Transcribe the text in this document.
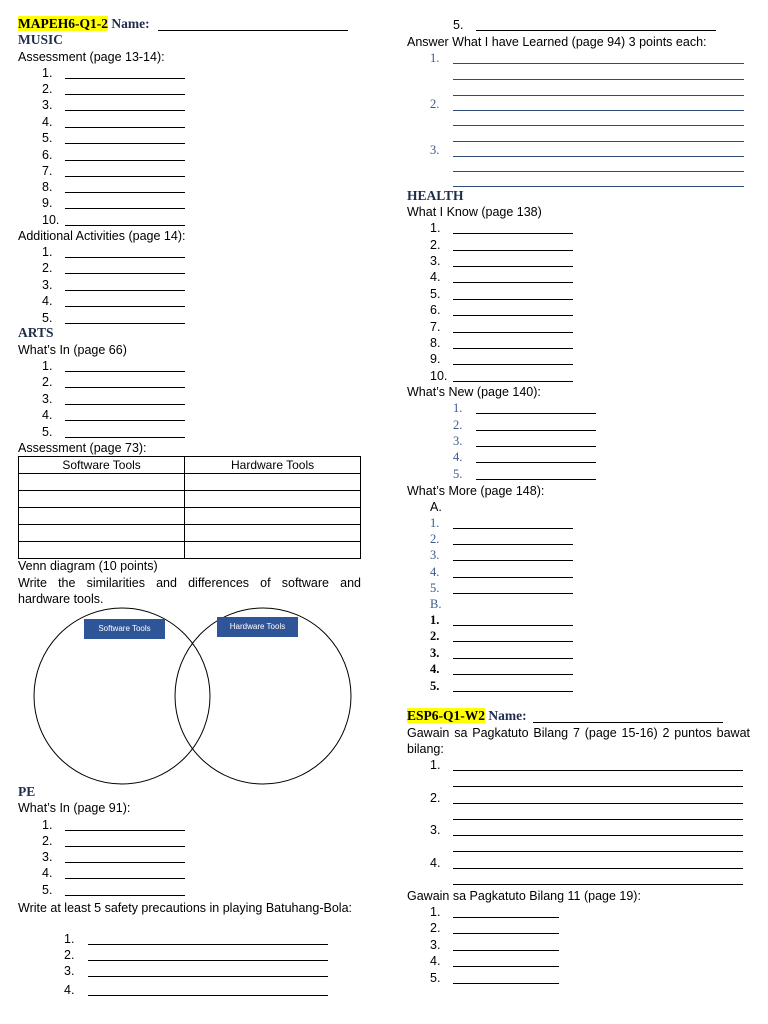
MAPEH6-Q1-2 Name:
MUSIC
Assessment (page 13-14):
1.
2.
3.
4.
5.
6.
7.
8.
9.
10.
Additional Activities (page 14):
1.
2.
3.
4.
5.
ARTS
What’s In (page 66)
1.
2.
3.
4.
5.
Assessment (page 73):
Software Tools	Hardware Tools

Venn diagram (10 points)
Write the similarities and differences of software and hardware tools.
Software Tools	Hardware Tools
PE
What’s In (page 91):
1.
2.
3.
4.
5.
Write at least 5 safety precautions in playing Batuhang-Bola:
1.
2.
3.
4.
5.
Answer What I have Learned (page 94) 3 points each:
1.
2.
3.
HEALTH
What I Know (page 138)
1.
2.
3.
4.
5.
6.
7.
8.
9.
10.
What’s New (page 140):
1.
2.
3.
4.
5.
What’s More (page 148):
A.
1.
2.
3.
4.
5.
B.
1.
2.
3.
4.
5.
ESP6-Q1-W2 Name:
Gawain sa Pagkatuto Bilang 7 (page 15-16) 2 puntos bawat bilang:
1.
2.
3.
4.
Gawain sa Pagkatuto Bilang 11 (page 19):
1.
2.
3.
4.
5.
